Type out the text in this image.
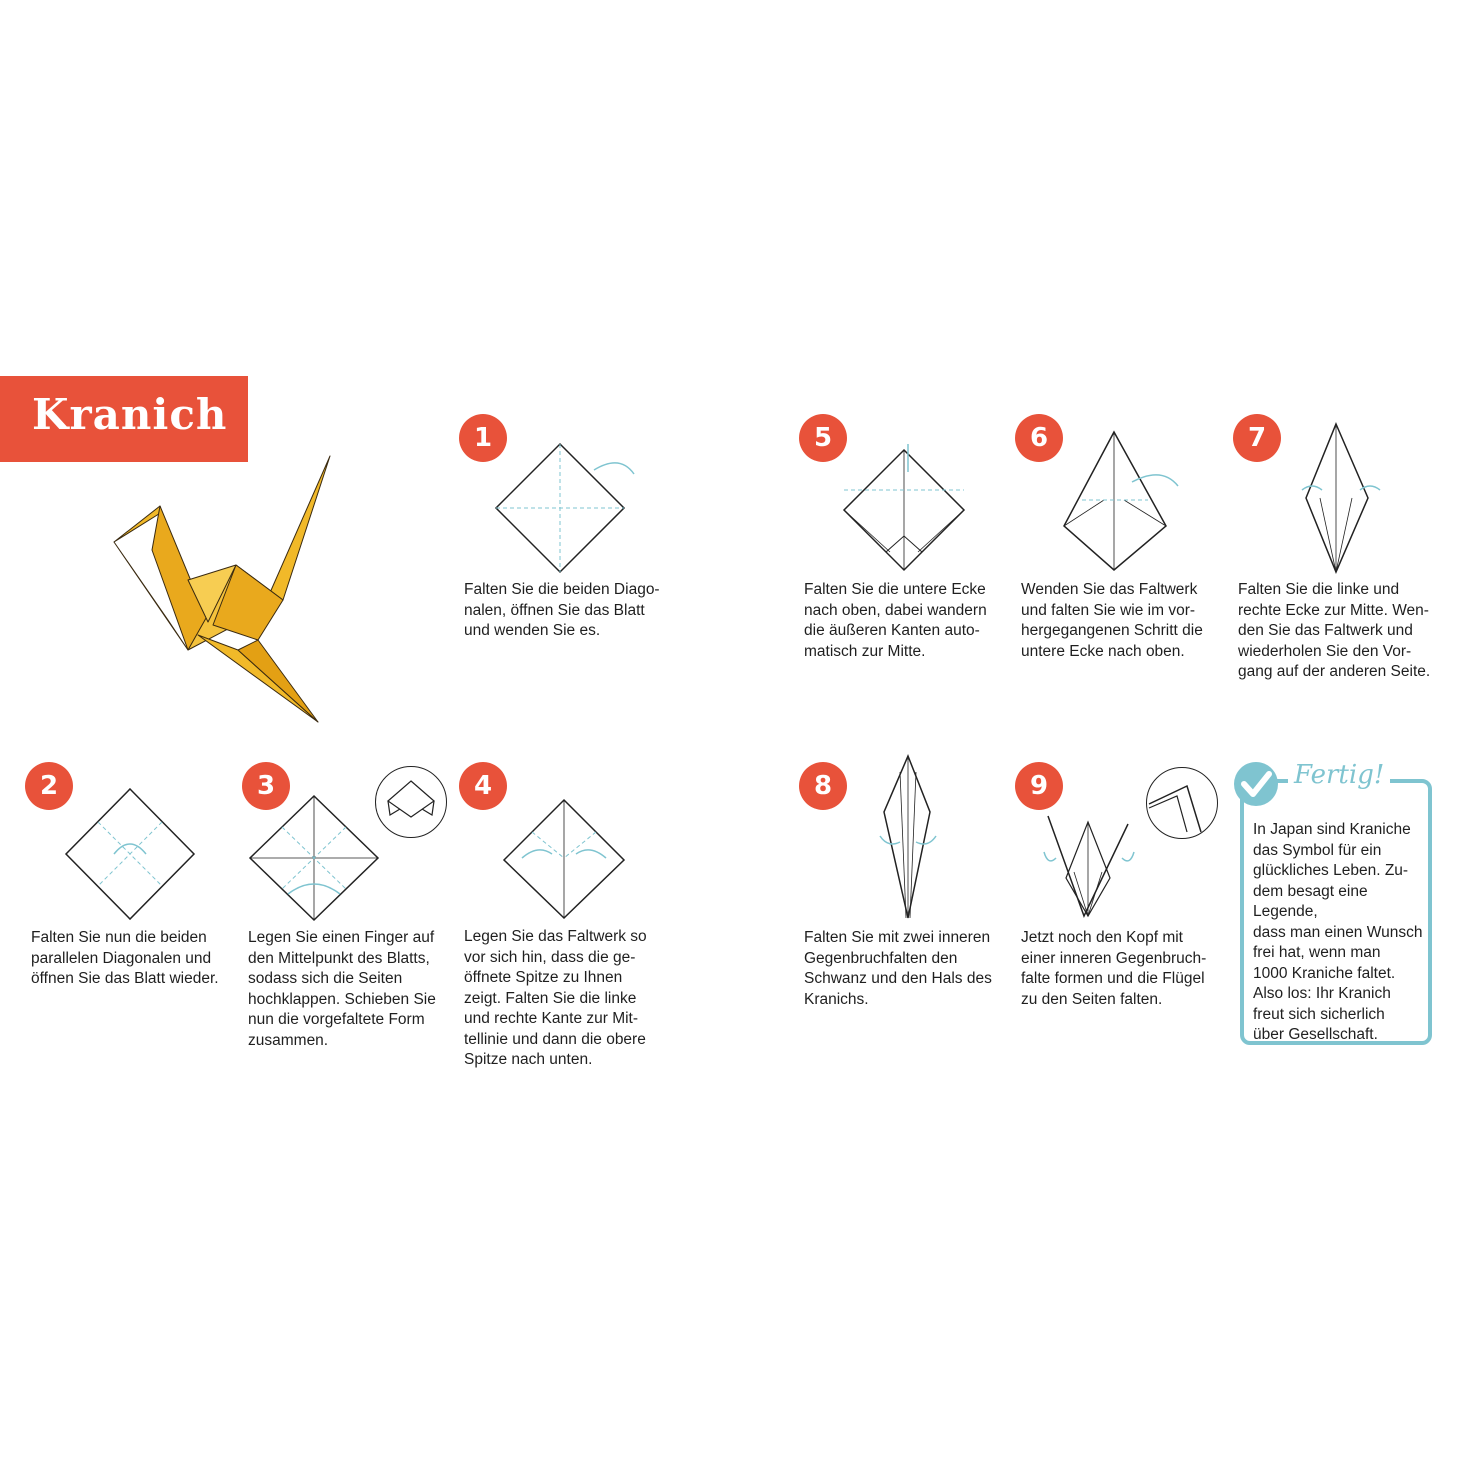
Kranich	1
Falten Sie die beiden Diago-
nalen, öffnen Sie das Blatt
und wenden Sie es.
2
Falten Sie nun die beiden
parallelen Diagonalen und
öffnen Sie das Blatt wieder.
3
Legen Sie einen Finger auf
den Mittelpunkt des Blatts,
sodass sich die Seiten
hochklappen. Schieben Sie
nun die vorgefaltete Form
zusammen.
4
Legen Sie das Faltwerk so
vor sich hin, dass die ge-
öffnete Spitze zu Ihnen
zeigt. Falten Sie die linke
und rechte Kante zur Mit-
tellinie und dann die obere
Spitze nach unten.
5
Falten Sie die untere Ecke
nach oben, dabei wandern
die äußeren Kanten auto-
matisch zur Mitte.
6
Wenden Sie das Faltwerk
und falten Sie wie im vor-
hergegangenen Schritt die
untere Ecke nach oben.
7
Falten Sie die linke und
rechte Ecke zur Mitte. Wen-
den Sie das Faltwerk und
wiederholen Sie den Vor-
gang auf der anderen Seite.
8
Falten Sie mit zwei inneren
Gegenbruchfalten den
Schwanz und den Hals des
Kranichs.
9
Jetzt noch den Kopf mit
einer inneren Gegenbruch-
falte formen und die Flügel
zu den Seiten falten.
Fertig!
In Japan sind Kraniche
das Symbol für ein
glückliches Leben. Zu-
dem besagt eine Legende,
dass man einen Wunsch
frei hat, wenn man
1000 Kraniche faltet.
Also los: Ihr Kranich
freut sich sicherlich
über Gesellschaft.
